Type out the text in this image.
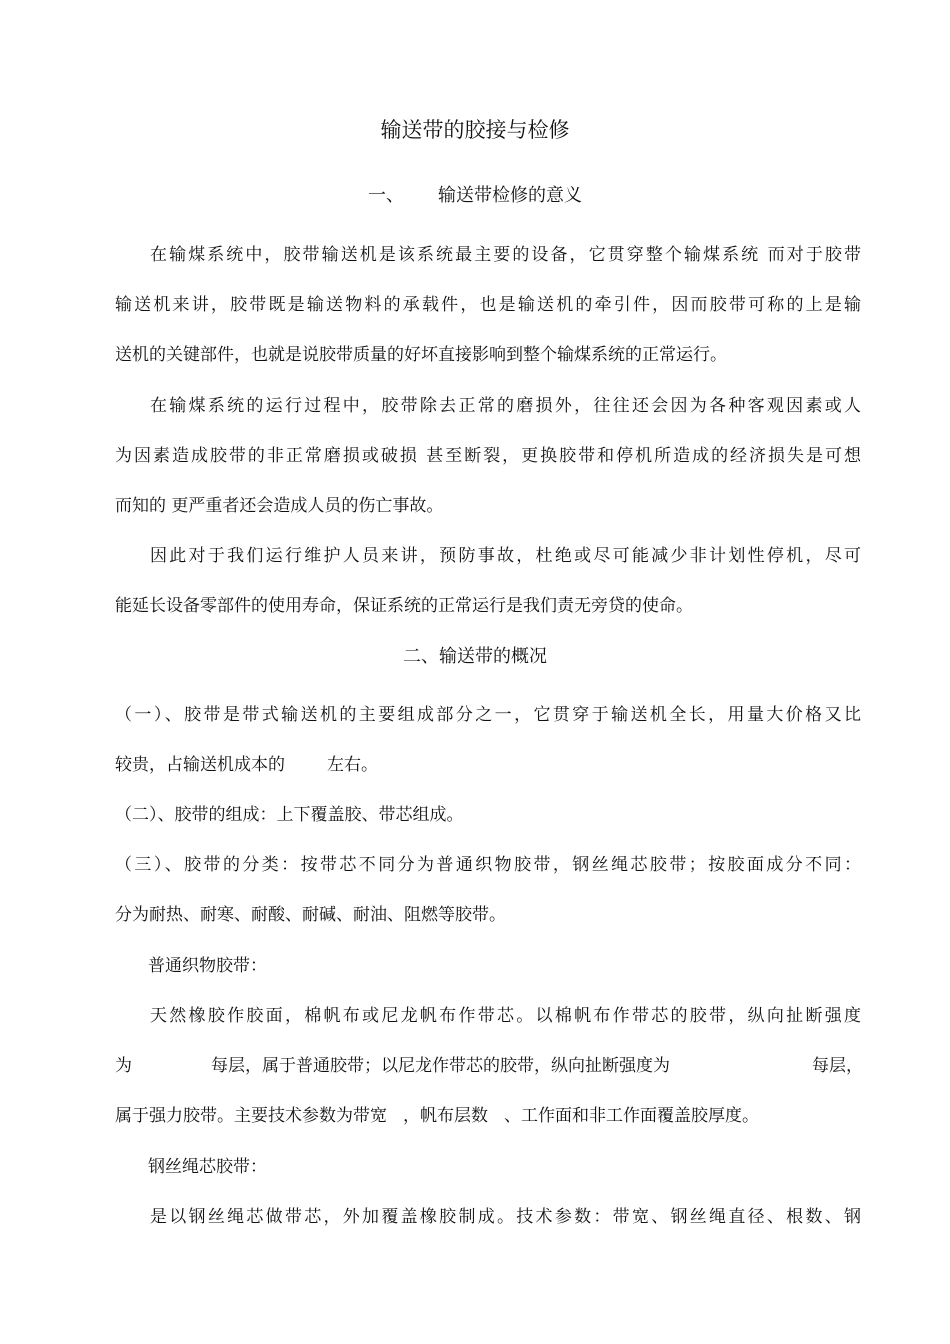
输送带的胶接与检修
一、 输送带检修的意义
在输煤系统中，胶带输送机是该系统最主要的设备，它贯穿整个输煤系统 而对于胶带
输送机来讲，胶带既是输送物料的承载件，也是输送机的牵引件，因而胶带可称的上是输
送机的关键部件，也就是说胶带质量的好坏直接影响到整个输煤系统的正常运行。
在输煤系统的运行过程中，胶带除去正常的磨损外，往往还会因为各种客观因素或人
为因素造成胶带的非正常磨损或破损 甚至断裂，更换胶带和停机所造成的经济损失是可想
而知的 更严重者还会造成人员的伤亡事故。
因此对于我们运行维护人员来讲，预防事故，杜绝或尽可能减少非计划性停机，尽可
能延长设备零部件的使用寿命，保证系统的正常运行是我们责无旁贷的使命。
二、输送带的概况
（一）、胶带是带式输送机的主要组成部分之一，它贯穿于输送机全长，用量大价格又比
较贵，占输送机成本的 左右。
（二）、胶带的组成：上下覆盖胶、带芯组成。
（三）、胶带的分类：按带芯不同分为普通织物胶带，钢丝绳芯胶带；按胶面成分不同：
分为耐热、耐寒、耐酸、耐碱、耐油、阻燃等胶带。
普通织物胶带：
天然橡胶作胶面，棉帆布或尼龙帆布作带芯。以棉帆布作带芯的胶带，纵向扯断强度
为	每层，属于普通胶带；以尼龙作带芯的胶带，纵向扯断强度为	每层，
属于强力胶带。主要技术参数为带宽 ，帆布层数 、工作面和非工作面覆盖胶厚度。
钢丝绳芯胶带：
是以钢丝绳芯做带芯，外加覆盖橡胶制成。技术参数：带宽、钢丝绳直径、根数、钢
